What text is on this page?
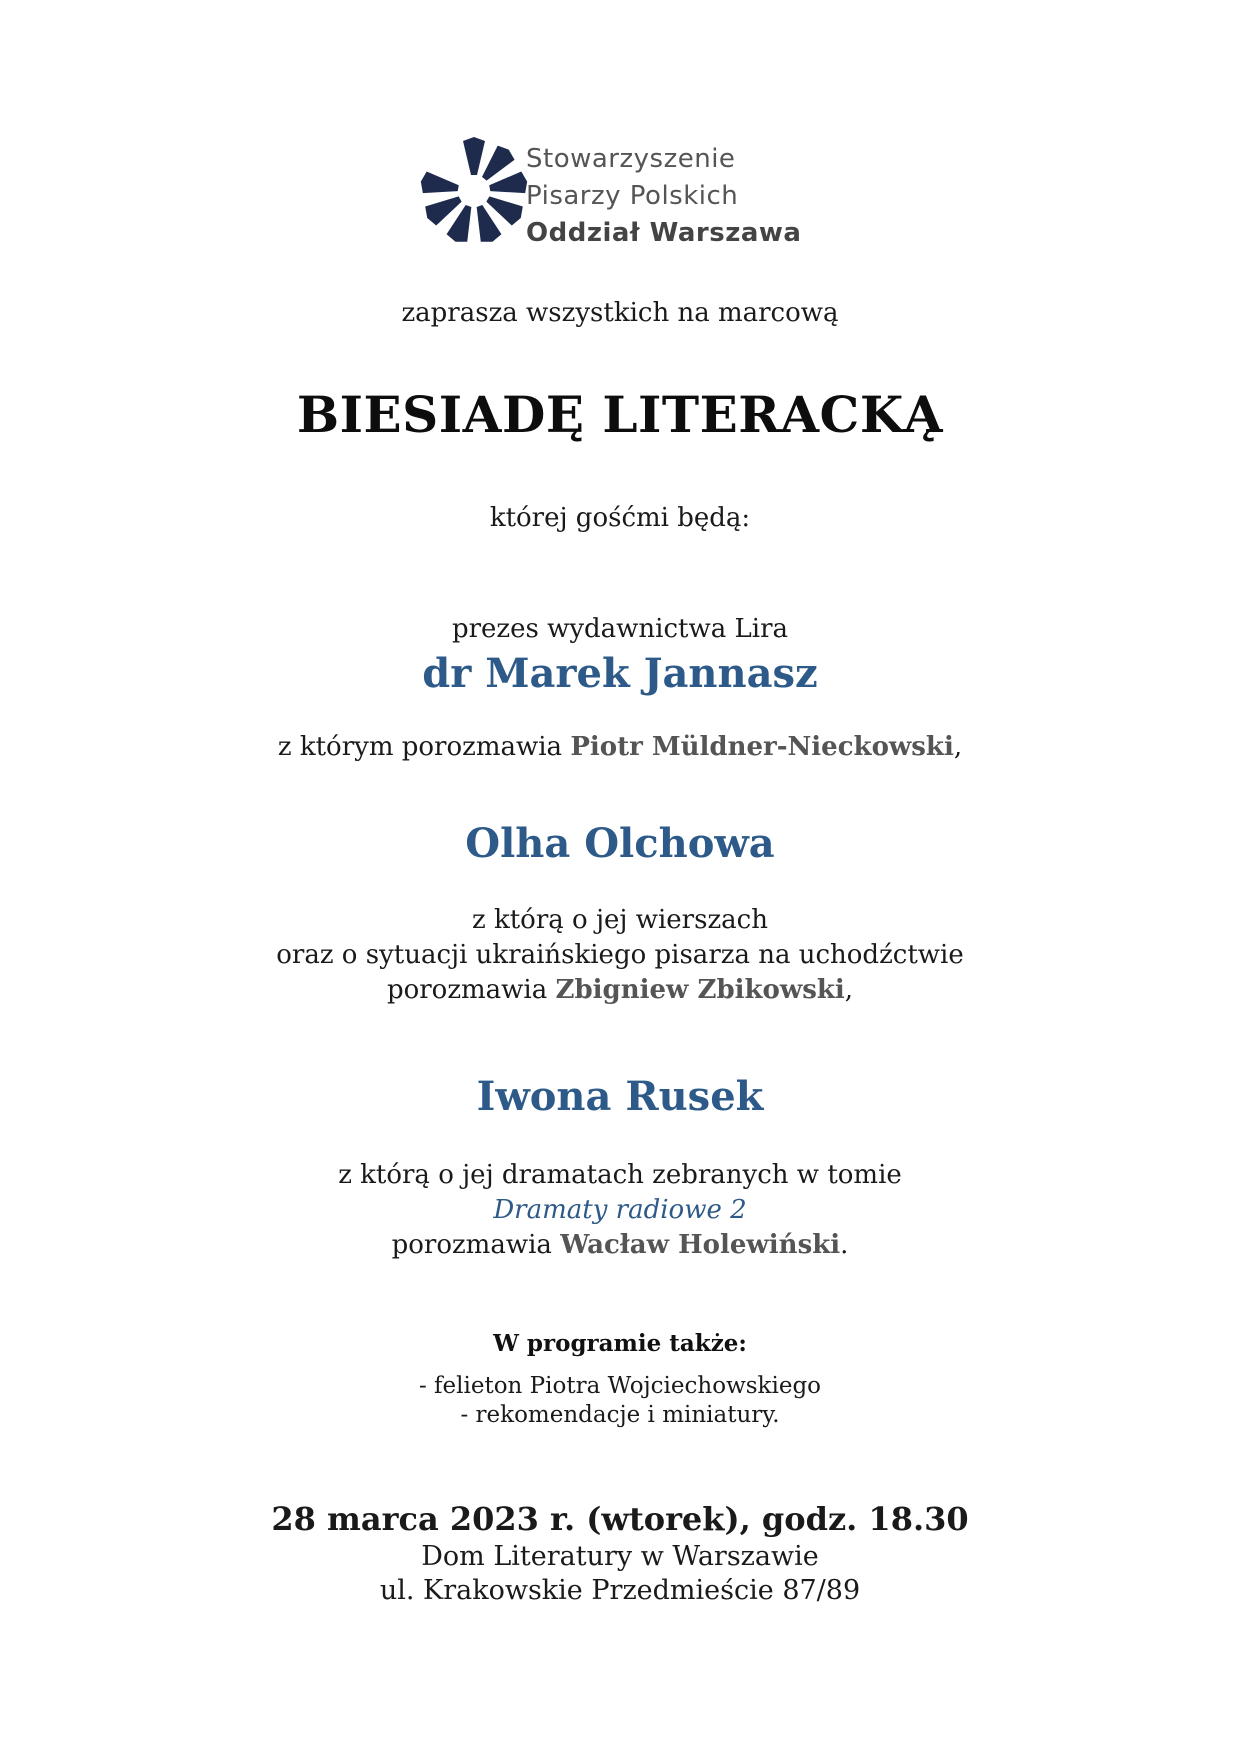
Stowarzyszenie
Pisarzy Polskich
Oddział Warszawa
zaprasza wszystkich na marcową
BIESIADĘ LITERACKĄ
której gośćmi będą:
prezes wydawnictwa Lira
dr Marek Jannasz
z którym porozmawia Piotr Müldner-Nieckowski,
Olha Olchowa
z którą o jej wierszach
oraz o sytuacji ukraińskiego pisarza na uchodźctwie
porozmawia Zbigniew Zbikowski,
Iwona Rusek
z którą o jej dramatach zebranych w tomie
Dramaty radiowe 2
porozmawia Wacław Holewiński.
W programie także:
- felieton Piotra Wojciechowskiego
- rekomendacje i miniatury.
28 marca 2023 r. (wtorek), godz. 18.30
Dom Literatury w Warszawie
ul. Krakowskie Przedmieście 87/89
